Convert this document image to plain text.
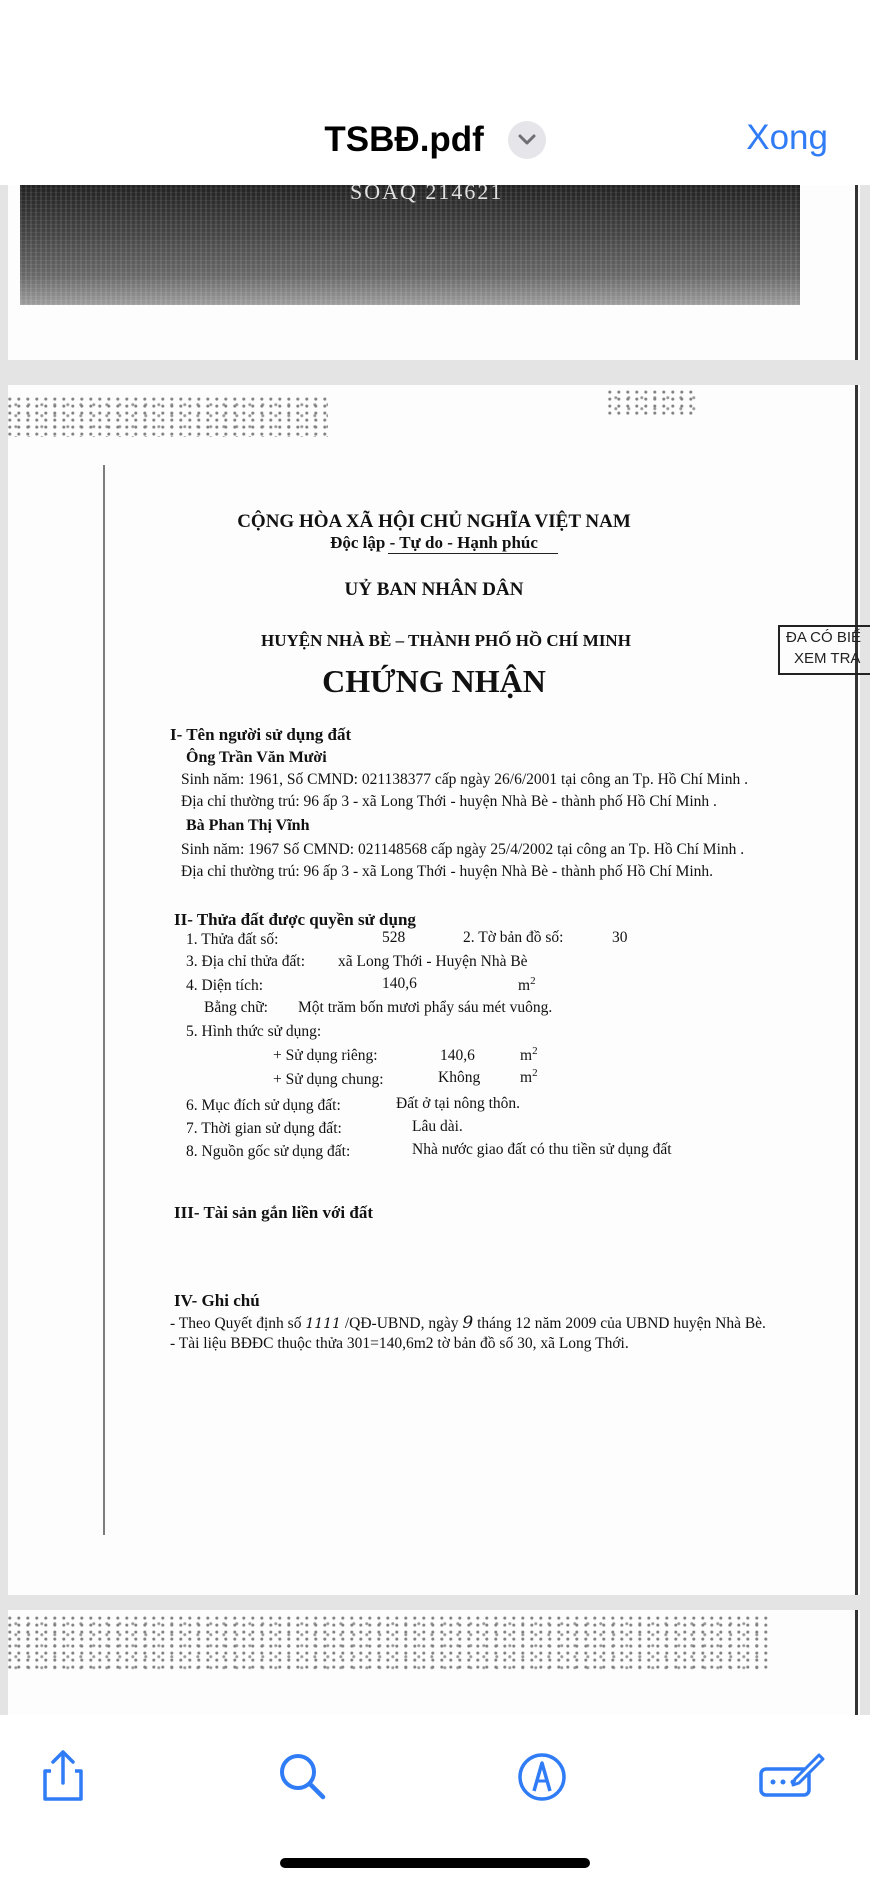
TSBĐ.pdf	Xong
SOAQ 214621
CỘNG HÒA XÃ HỘI CHỦ NGHĨA VIỆT NAM
Độc lập - Tự do - Hạnh phúc
UỶ BAN NHÂN DÂN
HUYỆN NHÀ BÈ – THÀNH PHỐ HỒ CHÍ MINH
CHỨNG NHẬN
ĐA CÓ BIẾ
XEM TRA
I- Tên người sử dụng đất
Ông Trần Văn Mười
Sinh năm: 1961, Số CMND: 021138377 cấp ngày 26/6/2001 tại công an Tp. Hồ Chí Minh .
Địa chỉ thường trú: 96 ấp 3 - xã Long Thới - huyện Nhà Bè - thành phố Hồ Chí Minh .
Bà Phan Thị Vĩnh
Sinh năm: 1967 Số CMND: 021148568 cấp ngày 25/4/2002 tại công an Tp. Hồ Chí Minh .
Địa chỉ thường trú: 96 ấp 3 - xã Long Thới - huyện Nhà Bè - thành phố Hồ Chí Minh.
II- Thửa đất được quyền sử dụng
1. Thửa đất số:	528	2. Tờ bản đồ số:	30
3. Địa chỉ thửa đất: xã Long Thới - Huyện Nhà Bè
4. Diện tích:	140,6	$m^2$
Bằng chữ: Một trăm bốn mươi phẩy sáu mét vuông.
5. Hình thức sử dụng:
+ Sử dụng riêng:	140,6	$m^2$
+ Sử dụng chung:	Không	$m^2$
6. Mục đích sử dụng đất:	Đất ở tại nông thôn.
7. Thời gian sử dụng đất:	Lâu dài.
8. Nguồn gốc sử dụng đất:	Nhà nước giao đất có thu tiền sử dụng đất
III- Tài sản gắn liền với đất
IV- Ghi chú
- Theo Quyết định số 1111 /QĐ-UBND, ngày 9 tháng 12 năm 2009 của UBND huyện Nhà Bè.
- Tài liệu BĐĐC thuộc thửa 301=140,6m2 tờ bản đồ số 30, xã Long Thới.
